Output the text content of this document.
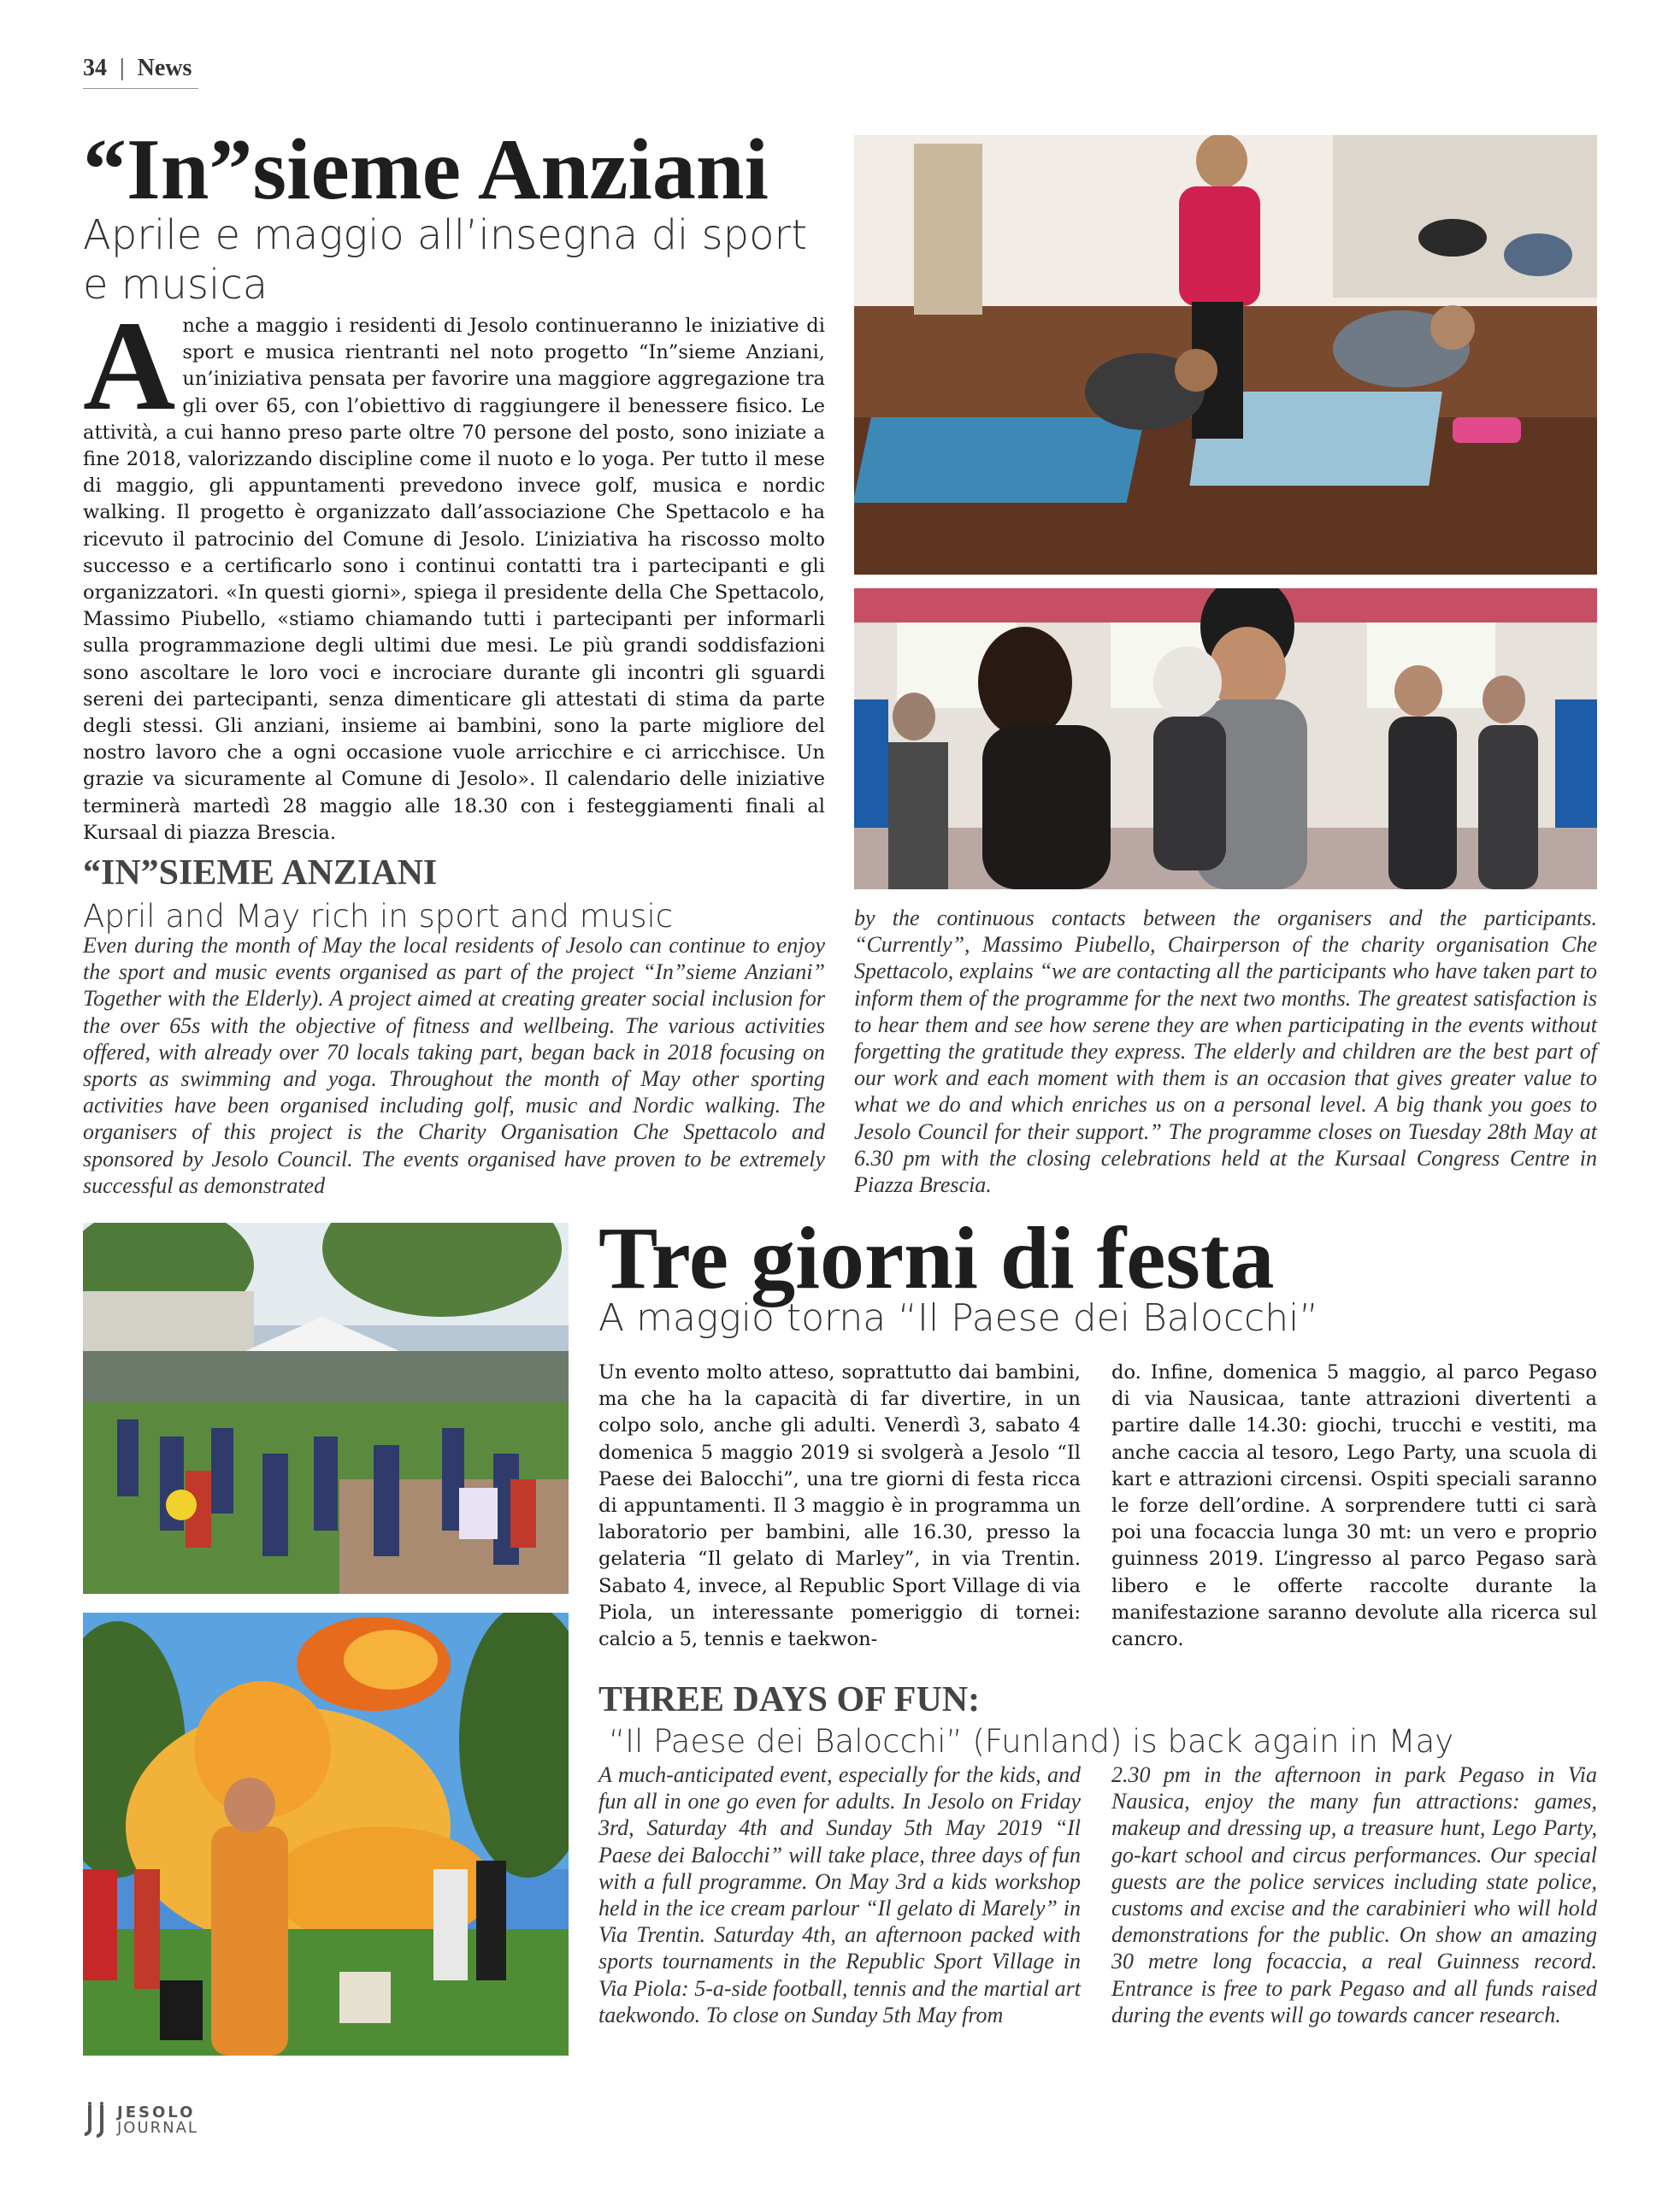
34 | News
“In”sieme Anziani
Aprile e maggio all’insegna di sport e musica
Anche a maggio i residenti di Jesolo continueranno le iniziative di sport e musica rientranti nel noto progetto “In”sieme Anziani, un’iniziativa pensata per favorire una maggiore aggregazione tra gli over 65, con l’obiettivo di raggiungere il benessere fisico. Le attività, a cui hanno preso parte oltre 70 persone del posto, sono iniziate a fine 2018, valorizzando discipline come il nuoto e lo yoga. Per tutto il mese di maggio, gli appuntamenti prevedono invece golf, musica e nordic walking. Il progetto è organizzato dall’associazione Che Spettacolo e ha ricevuto il patrocinio del Comune di Jesolo. L’iniziativa ha riscosso molto successo e a certificarlo sono i continui contatti tra i partecipanti e gli organizzatori. «In questi giorni», spiega il presidente della Che Spettacolo, Massimo Piubello, «stiamo chiamando tutti i partecipanti per informarli sulla programmazione degli ultimi due mesi. Le più grandi soddisfazioni sono ascoltare le loro voci e incrociare durante gli incontri gli sguardi sereni dei partecipanti, senza dimenticare gli attestati di stima da parte degli stessi. Gli anziani, insieme ai bambini, sono la parte migliore del nostro lavoro che a ogni occasione vuole arricchire e ci arricchisce. Un grazie va sicuramente al Comune di Jesolo». Il calendario delle iniziative terminerà martedì 28 maggio alle 18.30 con i festeggiamenti finali al Kursaal di piazza Brescia.
“IN”SIEME ANZIANI
April and May rich in sport and music
Even during the month of May the local residents of Jesolo can continue to enjoy the sport and music events organised as part of the project “In”sieme Anziani” Together with the Elderly). A project aimed at creating greater social inclusion for the over 65s with the objective of fitness and wellbeing. The various activities offered, with already over 70 locals taking part, began back in 2018 focusing on sports as swimming and yoga. Throughout the month of May other sporting activities have been organised including golf, music and Nordic walking. The organisers of this project is the Charity Organisation Che Spettacolo and sponsored by Jesolo Council. The events organised have proven to be extremely successful as demonstrated
by the continuous contacts between the organisers and the participants. “Currently”, Massimo Piubello, Chairperson of the charity organisation Che Spettacolo, explains “we are contacting all the participants who have taken part to inform them of the programme for the next two months. The greatest satisfaction is to hear them and see how serene they are when participating in the events without forgetting the gratitude they express. The elderly and children are the best part of our work and each moment with them is an occasion that gives greater value to what we do and which enriches us on a personal level. A big thank you goes to Jesolo Council for their support.” The programme closes on Tuesday 28th May at 6.30 pm with the closing celebrations held at the Kursaal Congress Centre in Piazza Brescia.
Tre giorni di festa
A maggio torna “Il Paese dei Balocchi”
Un evento molto atteso, soprattutto dai bambini, ma che ha la capacità di far divertire, in un colpo solo, anche gli adulti. Venerdì 3, sabato 4 domenica 5 maggio 2019 si svolgerà a Jesolo “Il Paese dei Balocchi”, una tre giorni di festa ricca di appuntamenti. Il 3 maggio è in programma un laboratorio per bambini, alle 16.30, presso la gelateria “Il gelato di Marley”, in via Trentin. Sabato 4, invece, al Republic Sport Village di via Piola, un interessante pomeriggio di tornei: calcio a 5, tennis e taekwon-
do. Infine, domenica 5 maggio, al parco Pegaso di via Nausicaa, tante attrazioni divertenti a partire dalle 14.30: giochi, trucchi e vestiti, ma anche caccia al tesoro, Lego Party, una scuola di kart e attrazioni circensi. Ospiti speciali saranno le forze dell’ordine. A sorprendere tutti ci sarà poi una focaccia lunga 30 mt: un vero e proprio guinness 2019. L’ingresso al parco Pegaso sarà libero e le offerte raccolte durante la manifestazione saranno devolute alla ricerca sul cancro.
THREE DAYS OF FUN:
“Il Paese dei Balocchi” (Funland) is back again in May
A much-anticipated event, especially for the kids, and fun all in one go even for adults. In Jesolo on Friday 3rd, Saturday 4th and Sunday 5th May 2019 “Il Paese dei Balocchi” will take place, three days of fun with a full programme. On May 3rd a kids workshop held in the ice cream parlour “Il gelato di Marely” in Via Trentin. Saturday 4th, an afternoon packed with sports tournaments in the Republic Sport Village in Via Piola: 5-a-side football, tennis and the martial art taekwondo. To close on Sunday 5th May from
2.30 pm in the afternoon in park Pegaso in Via Nausica, enjoy the many fun attractions: games, makeup and dressing up, a treasure hunt, Lego Party, go-kart school and circus performances. Our special guests are the police services including state police, customs and excise and the carabinieri who will hold demonstrations for the public. On show an amazing 30 metre long focaccia, a real Guinness record. Entrance is free to park Pegaso and all funds raised during the events will go towards cancer research.
JESOLO
JOURNAL
